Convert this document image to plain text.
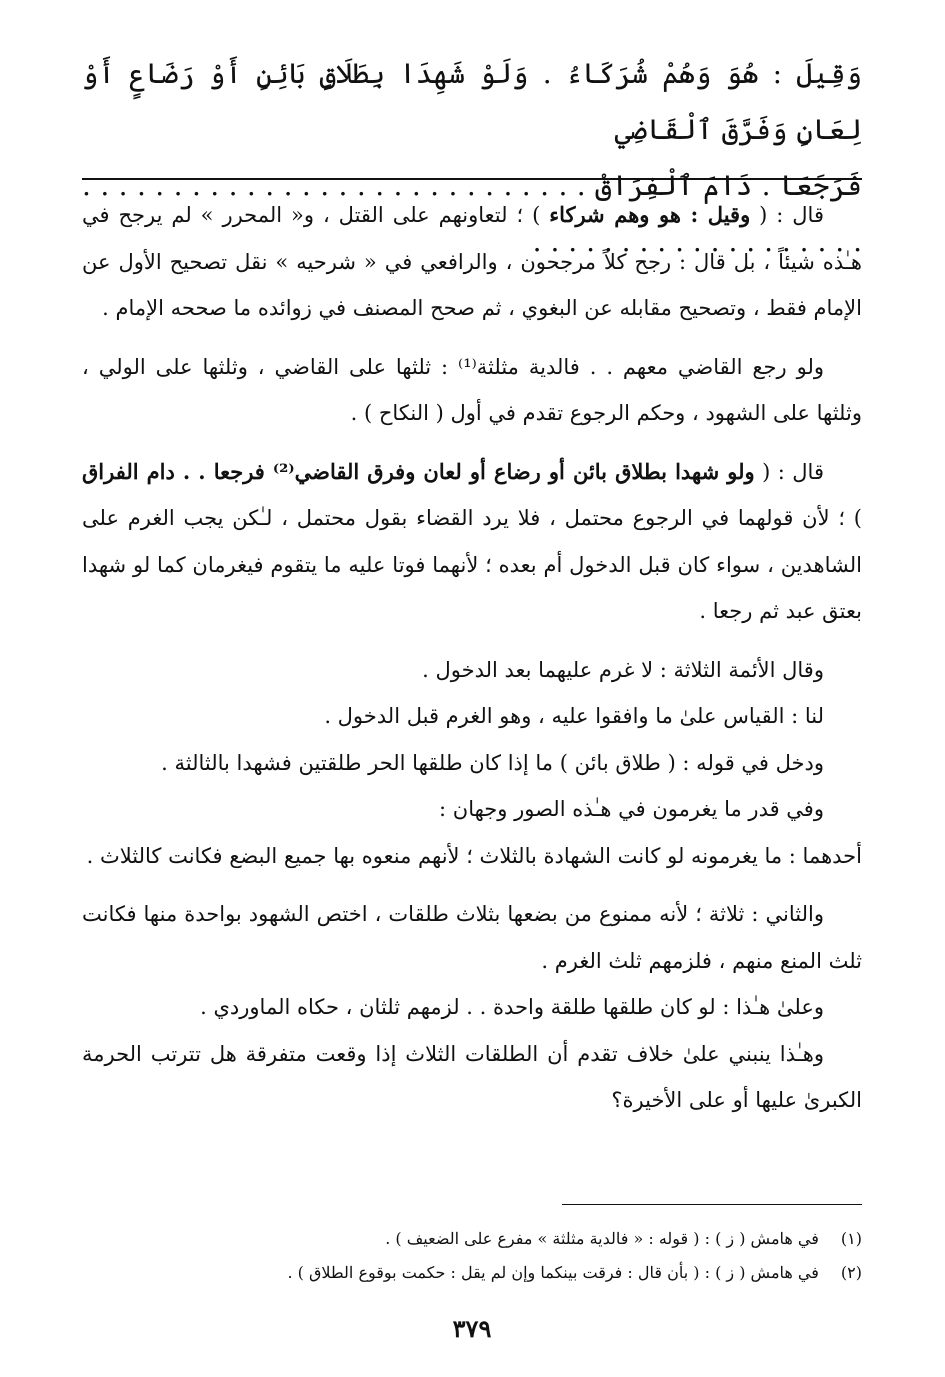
وَقِيلَ : هُوَ وَهُمْ شُرَكَاءُ . وَلَوْ شَهِدَا بِطَلَاقٍ بَائِنٍ أَوْ رَضَاعٍ أَوْ لِعَانٍ وَفَرَّقَ ٱلْقَاضِي

فَرَجَعَا . دَامَ ٱلْفِرَاقُ . . . . . . . . . . . . . . . . . . . . . . . . . . . . . . . . . . . . . . . . . . . . . . .

قال : ( وقيل : هو وهم شركاء ) ؛ لتعاونهم على القتل ، و« المحرر » لم يرجح في هـٰذه شيئاً ، بل قال : رجح كلاً مرجحون ، والرافعي في « شرحيه » نقل تصحيح الأول عن الإمام فقط ، وتصحيح مقابله عن البغوي ، ثم صحح المصنف في زوائده ما صححه الإمام .

ولو رجع القاضي معهم . . فالدية مثلثة⁽¹⁾ : ثلثها على القاضي ، وثلثها على الولي ، وثلثها على الشهود ، وحكم الرجوع تقدم في أول ( النكاح ) .

قال : ( ولو شهدا بطلاق بائن أو رضاع أو لعان وفرق القاضي⁽²⁾ فرجعا . . دام الفراق ) ؛ لأن قولهما في الرجوع محتمل ، فلا يرد القضاء بقول محتمل ، لـٰكن يجب الغرم على الشاهدين ، سواء كان قبل الدخول أم بعده ؛ لأنهما فوتا عليه ما يتقوم فيغرمان كما لو شهدا بعتق عبد ثم رجعا .

وقال الأئمة الثلاثة : لا غرم عليهما بعد الدخول .

لنا : القياس علىٰ ما وافقوا عليه ، وهو الغرم قبل الدخول .

ودخل في قوله : ( طلاق بائن ) ما إذا كان طلقها الحر طلقتين فشهدا بالثالثة .

وفي قدر ما يغرمون في هـٰذه الصور وجهان :

أحدهما : ما يغرمونه لو كانت الشهادة بالثلاث ؛ لأنهم منعوه بها جميع البضع فكانت كالثلاث .

والثاني : ثلاثة ؛ لأنه ممنوع من بضعها بثلاث طلقات ، اختص الشهود بواحدة منها فكانت ثلث المنع منهم ، فلزمهم ثلث الغرم .

وعلىٰ هـٰذا : لو كان طلقها طلقة واحدة . . لزمهم ثلثان ، حكاه الماوردي .

وهـٰذا ينبني علىٰ خلاف تقدم أن الطلقات الثلاث إذا وقعت متفرقة هل تترتب الحرمة الكبرىٰ عليها أو على الأخيرة؟

(١) في هامش ( ز ) : ( قوله : « فالدية مثلثة » مفرع على الضعيف ) .

(٢) في هامش ( ز ) : ( بأن قال : فرقت بينكما وإن لم يقل : حكمت بوقوع الطلاق ) .

٣٧٩
